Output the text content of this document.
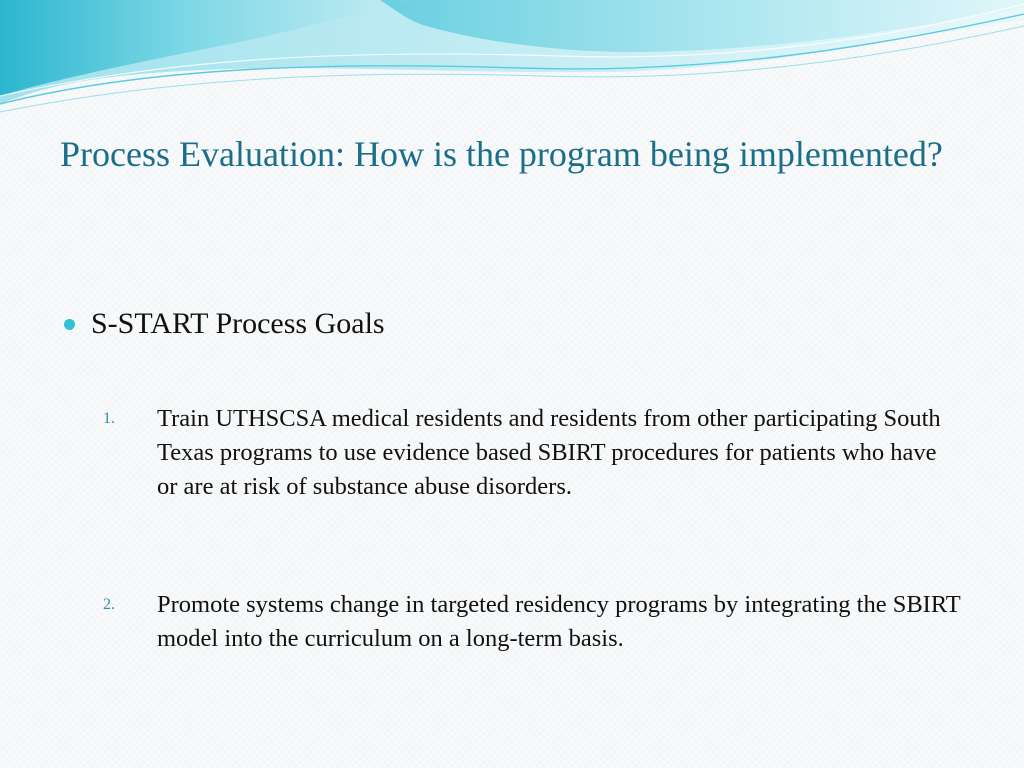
Process Evaluation: How is the program being implemented?
S-START Process Goals
1.	Train UTHSCSA medical residents and residents from other participating South Texas programs to use evidence based SBIRT procedures for patients who have or are at risk of substance abuse disorders.
2.	Promote systems change in targeted residency programs by integrating the SBIRT model into the curriculum on a long-term basis.
